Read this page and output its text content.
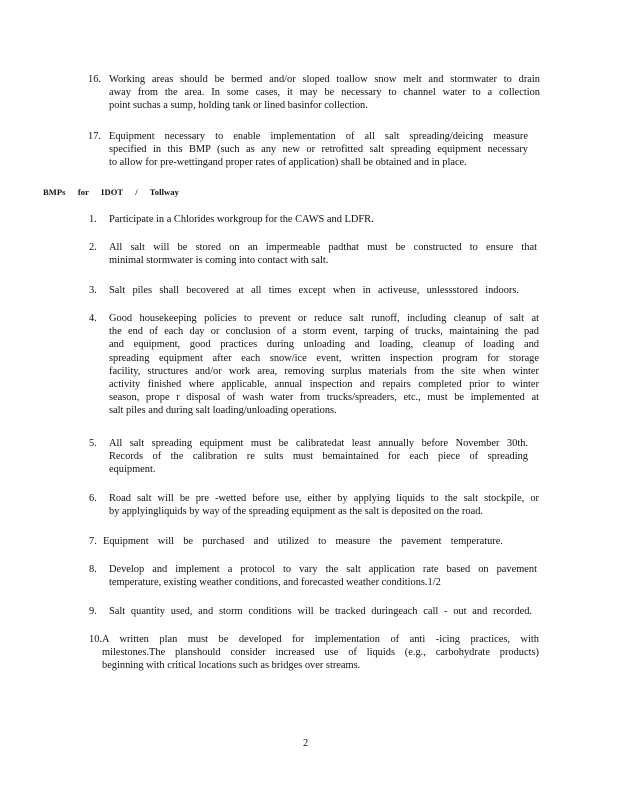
16. Working areas should be bermed and/or sloped toallow snow melt and stormwater to drain
away from the area. In some cases, it may be necessary to channel water to a collection
point suchas a sump, holding tank or lined basinfor collection.
17. Equipment necessary to enable implementation of all salt spreading/deicing measure
specified in this BMP (such as any new or retrofitted salt spreading equipment necessary
to allow for pre-wettingand proper rates of application) shall be obtained and in place.
BMPs for IDOT / Tollway
1. Participate in a Chlorides workgroup for the CAWS and LDFR.
2. All salt will be stored on an impermeable padthat must be constructed to ensure that
minimal stormwater is coming into contact with salt.
3. Salt piles shall becovered at all times except when in activeuse, unlessstored indoors.
4. Good housekeeping policies to prevent or reduce salt runoff, including cleanup of salt at
the end of each day or conclusion of a storm event, tarping of trucks, maintaining the pad
and equipment, good practices during unloading and loading, cleanup of loading and
spreading equipment after each snow/ice event, written inspection program for storage
facility, structures and/or work area, removing surplus materials from the site when winter
activity finished where applicable, annual inspection and repairs completed prior to winter
season, prope r disposal of wash water from trucks/spreaders, etc., must be implemented at
salt piles and during salt loading/unloading operations.
5. All salt spreading equipment must be calibratedat least annually before November 30th.
Records of the calibration re sults must bemaintained for each piece of spreading
equipment.
6. Road salt will be pre -wetted before use, either by applying liquids to the salt stockpile, or
by applyingliquids by way of the spreading equipment as the salt is deposited on the road.
7. Equipment will be purchased and utilized to measure the pavement temperature.
8. Develop and implement a protocol to vary the salt application rate based on pavement
temperature, existing weather conditions, and forecasted weather conditions.1/2
9. Salt quantity used, and storm conditions will be tracked duringeach call - out and recorded.
10. A written plan must be developed for implementation of anti -icing practices, with
milestones.The planshould consider increased use of liquids (e.g., carbohydrate products)
beginning with critical locations such as bridges over streams.
2
